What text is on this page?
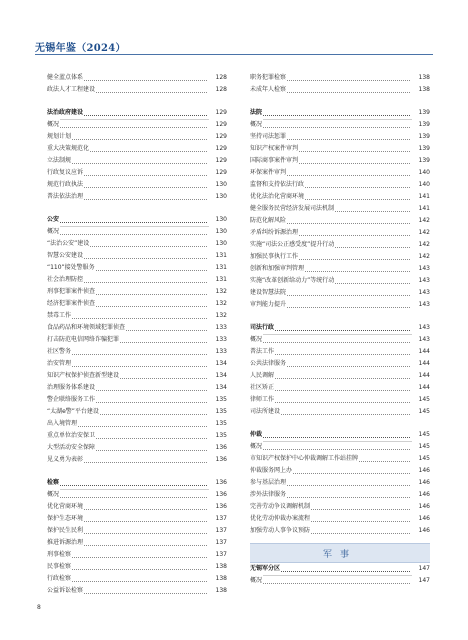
无锡年鉴（2024）
健全蓝点体系	128
政法人才工程建设	128
法治政府建设	129
概况	129
规划计划	129
重大决策规范化	129
立法制规	129
行政复议应诉	129
规范行政执法	130
普法依法治理	130
公安	130
概况	130
“法治公安”建设	130
智慧公安建设	131
“110”接处警服务	131
社会治理防控	131
刑事犯罪案件侦查	132
经济犯罪案件侦查	132
禁毒工作	132
食品药品和环境领域犯罪侦查	133
打击防范电信网络诈骗犯罪	133
社区警务	133
治安管理	134
知识产权保护侦查新型建设	134
治理服务体系建设	134
警企联络服务工作	135
“太湖e警”平台建设	135
出入境管理	135
重点单位治安保卫	135
大型活动安全保障	136
见义勇为表彰	136
检察	136
概况	136
优化营商环境	136
保护生态环境	137
保护民生民利	137
推进诉源治理	137
刑事检察	137
民事检察	138
行政检察	138
公益诉讼检察	138
职务犯罪检察	138
未成年人检察	138
法院	139
概况	139
坚持司法惩罪	139
知识产权案件审判	139
国际商事案件审判	139
环保案件审判	140
监督和支持依法行政	140
优化法治化营商环境	141
健全服务民营经济发展司法机制	141
防范化解风险	142
矛盾纠纷诉源治理	142
实施“司法公正感受度”提升行动	142
加强民事执行工作	142
创新和加强审判管理	143
实施“改革创新给动力”等统行动	143
建设智慧法院	143
审判能力提升	143
司法行政	143
概况	143
普法工作	144
公共法律服务	144
人民调解	144
社区矫正	144
律师工作	145
司法所建设	145
仲裁	145
概况	145
市知识产权保护中心仲裁调解工作站挂牌	145
仲裁服务网上办	146
参与基层治理	146
涉外法律服务	146
完善劳动争议调解机制	146
优化劳动仲裁办案流程	146
加强劳动人事争议预防	146
军事
无锡军分区	147
概况	147
8
